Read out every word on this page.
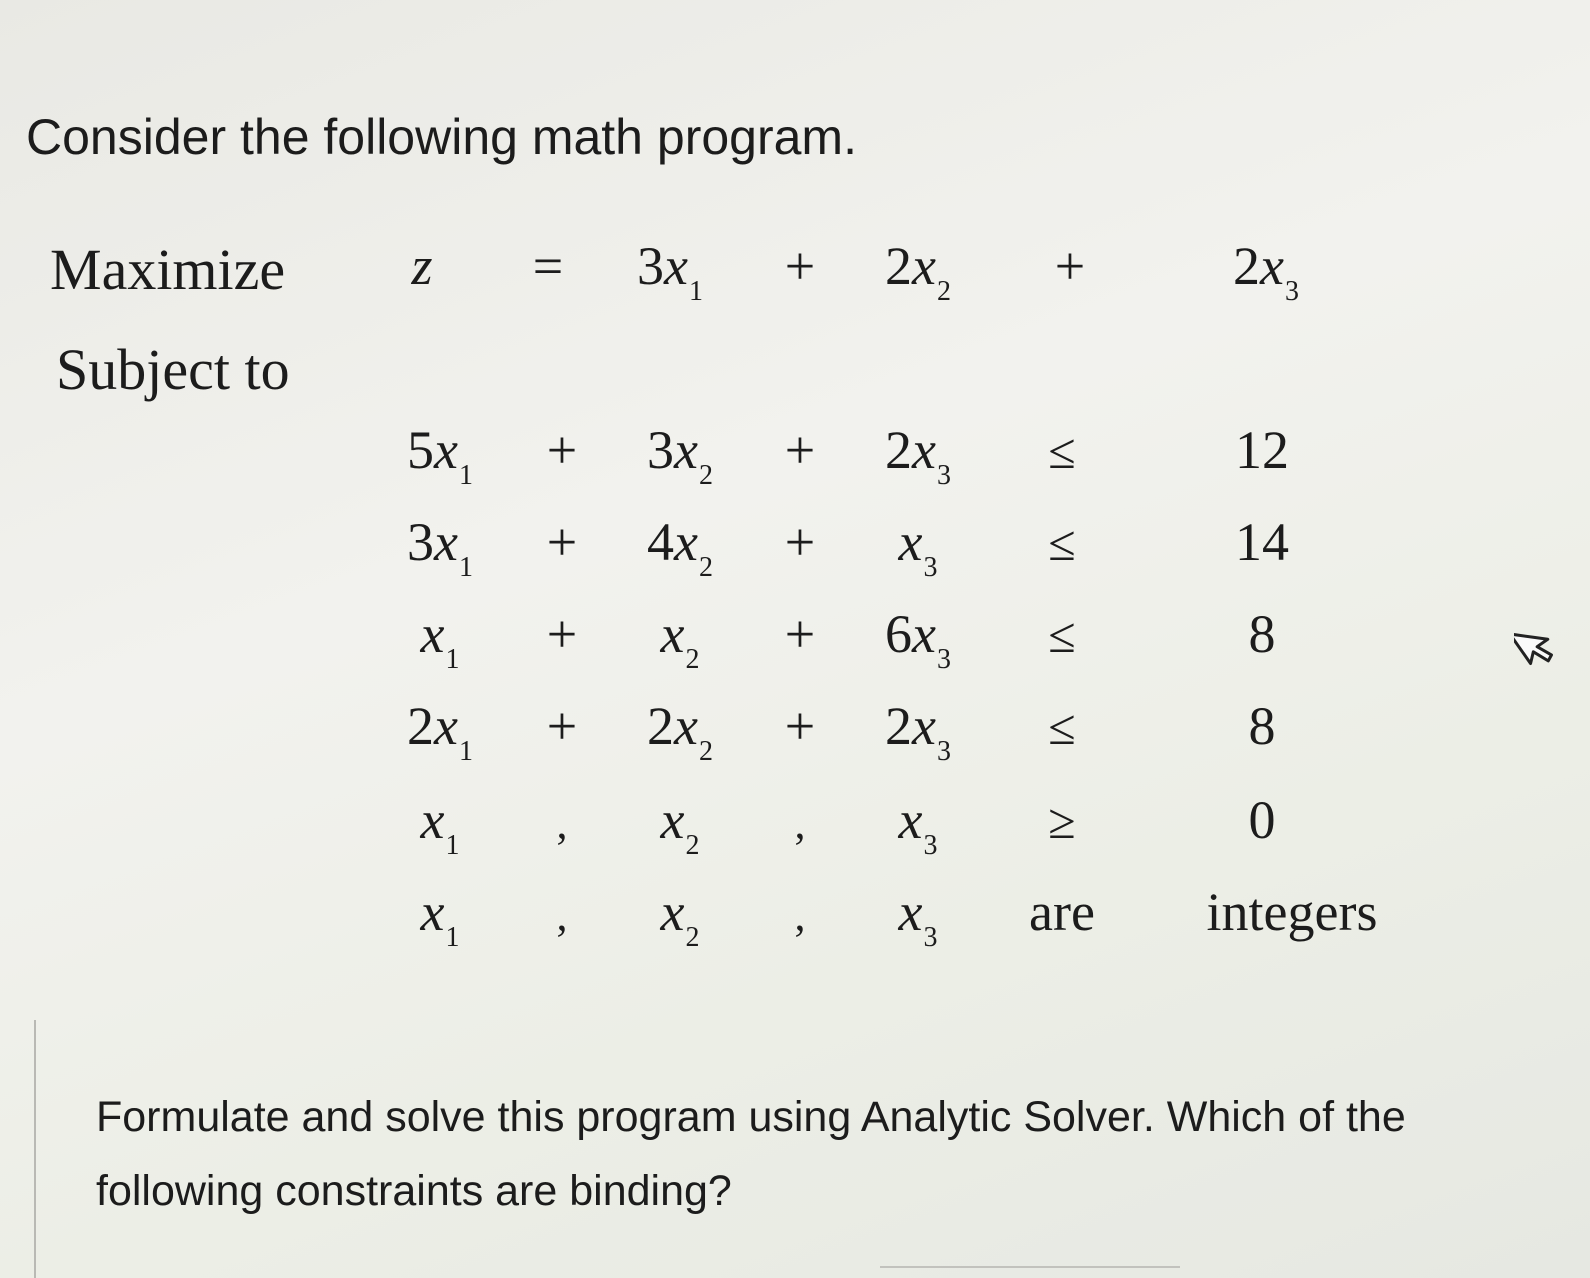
Consider the following math program.
Maximize
Subject to
Formulate and solve this program using Analytic Solver. Which of the following constraints are binding?
$z = 3x_1 + 2x_2$ +	$2x_3$
$5x_1 + 3x_2 + 2x_3$ ≤	12
$3x_1 + 4x_2 + x_3$ ≤	14
$x_1 + x_2 + 6x_3$ ≤	8
$2x_1 + 2x_2 + 2x_3$ ≤	8
$x_1$ , $x_2$ , $x_3$ ≥	0
$x_1$ , $x_2$ , $x_3$ are integers
